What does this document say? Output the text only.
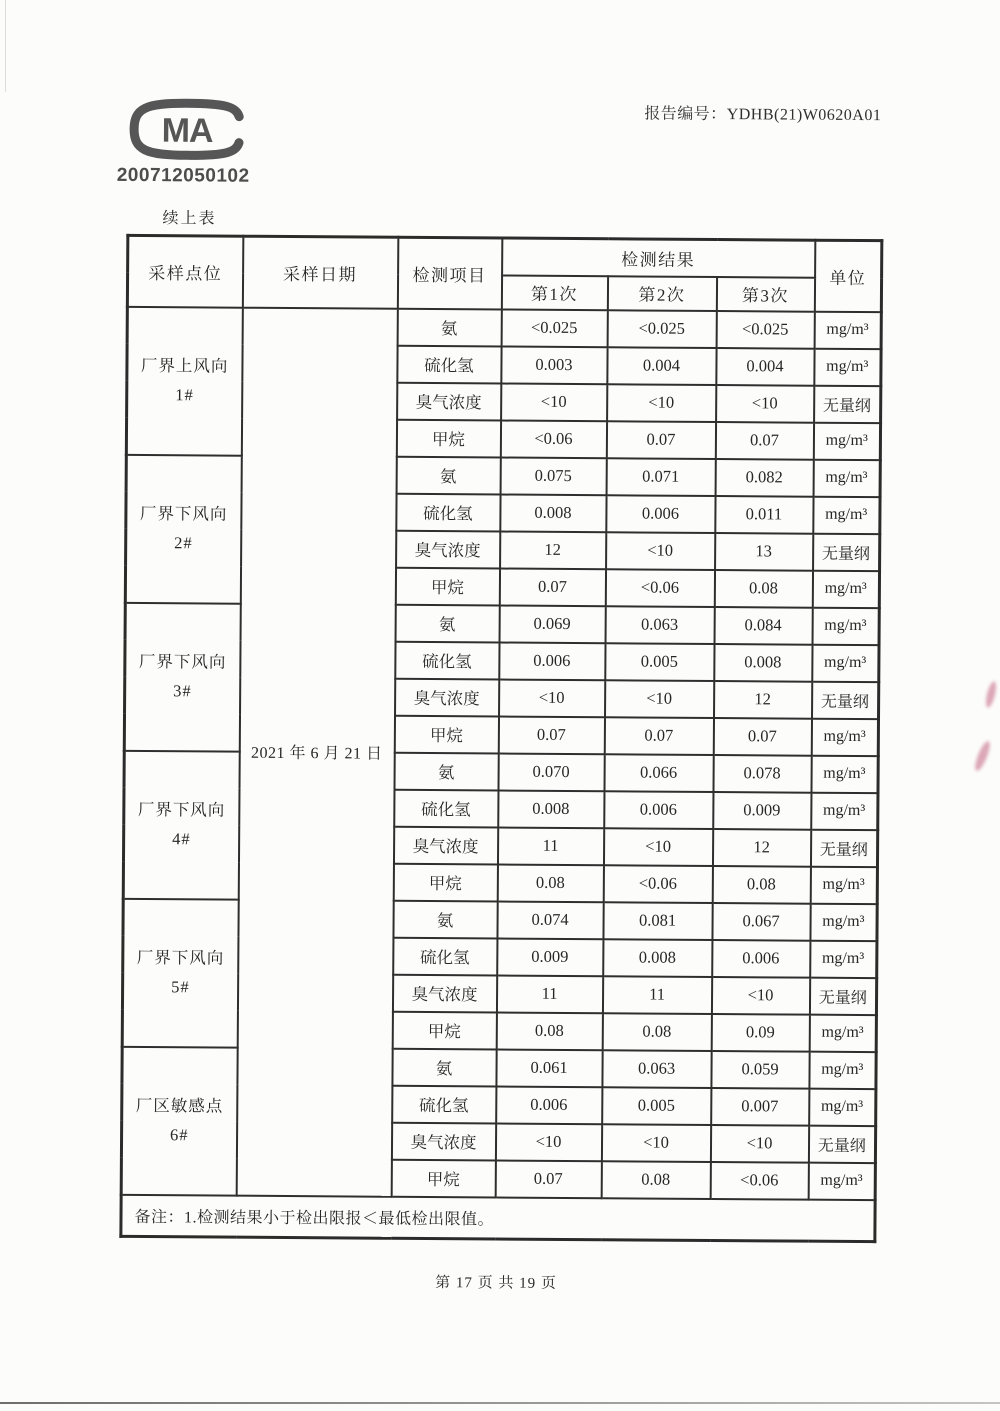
报告编号：YDHB(21)W0620A01
MA
200712050102
续上表
采样点位	采样日期	检测项目	检测结果			单位
			第1次	第2次	第3次	

厂界上风向
1#	2021 年 6 月 21 日	氨	<0.025	<0.025	<0.025	mg/m³
		硫化氢	0.003	0.004	0.004	mg/m³
		臭气浓度	<10	<10	<10	无量纲
		甲烷	<0.06	0.07	0.07	mg/m³

厂界下风向
2#		氨	0.075	0.071	0.082	mg/m³
		硫化氢	0.008	0.006	0.011	mg/m³
		臭气浓度	12	<10	13	无量纲
		甲烷	0.07	<0.06	0.08	mg/m³

厂界下风向
3#		氨	0.069	0.063	0.084	mg/m³
		硫化氢	0.006	0.005	0.008	mg/m³
		臭气浓度	<10	<10	12	无量纲
		甲烷	0.07	0.07	0.07	mg/m³

厂界下风向
4#		氨	0.070	0.066	0.078	mg/m³
		硫化氢	0.008	0.006	0.009	mg/m³
		臭气浓度	11	<10	12	无量纲
		甲烷	0.08	<0.06	0.08	mg/m³

厂界下风向
5#		氨	0.074	0.081	0.067	mg/m³
		硫化氢	0.009	0.008	0.006	mg/m³
		臭气浓度	11	11	<10	无量纲
		甲烷	0.08	0.08	0.09	mg/m³

厂区敏感点
6#		氨	0.061	0.063	0.059	mg/m³
		硫化氢	0.006	0.005	0.007	mg/m³
		臭气浓度	<10	<10	<10	无量纲
		甲烷	0.07	0.08	<0.06	mg/m³
备注：1.检测结果小于检出限报＜最低检出限值。						
第 17 页 共 19 页
